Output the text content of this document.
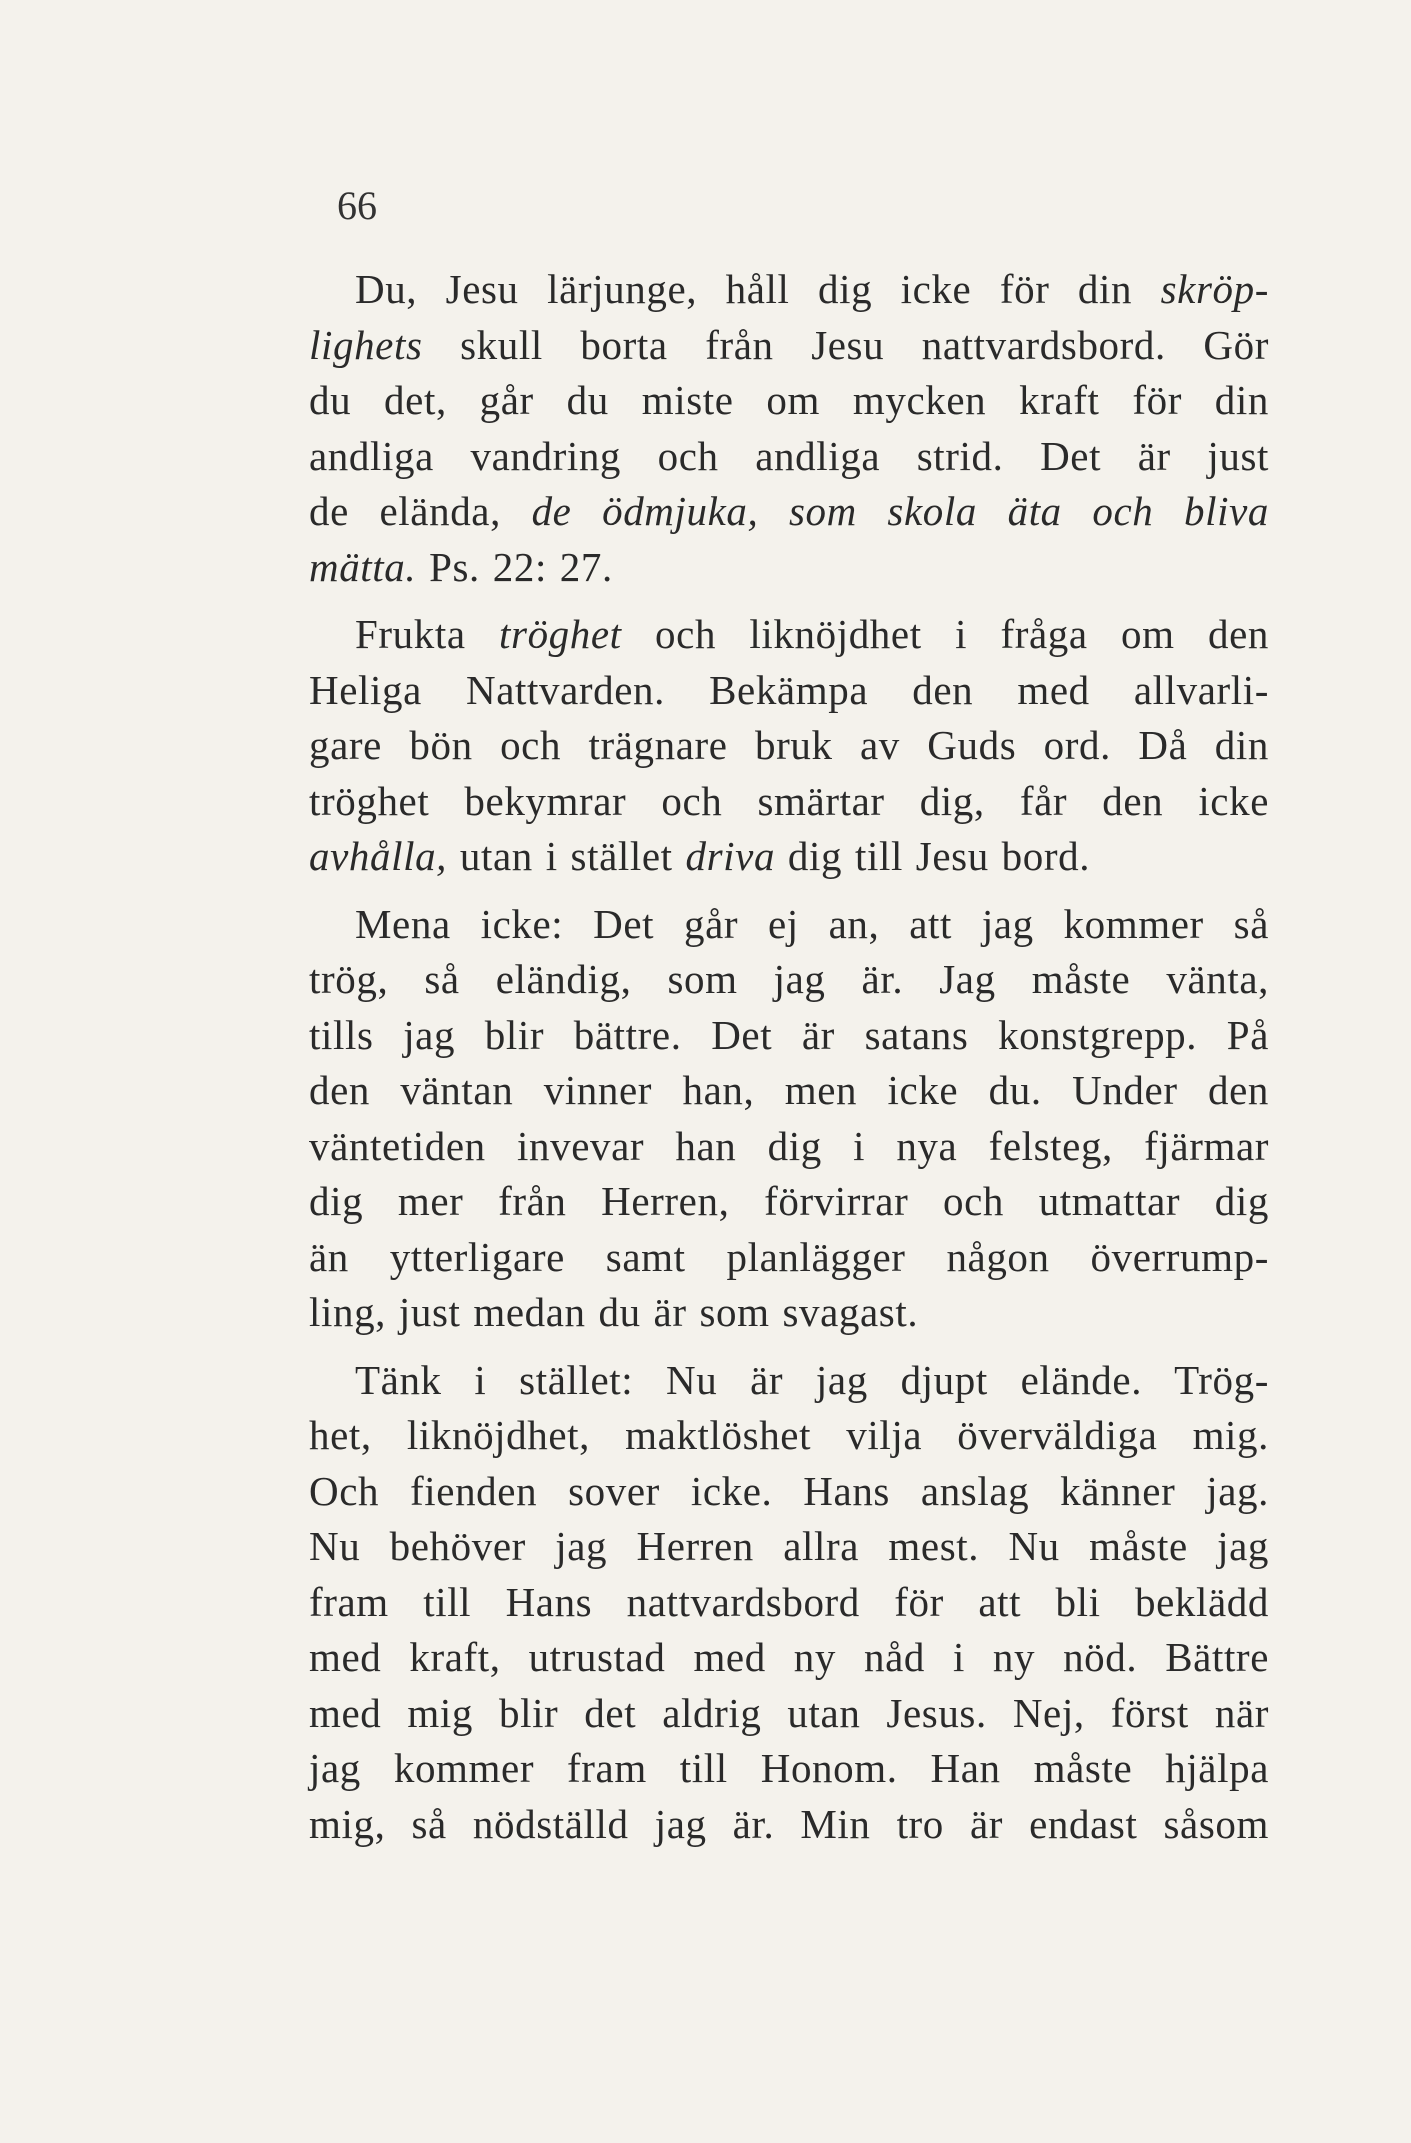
66

Du, Jesu lärjunge, håll dig icke för din skröp-
lighets skull borta från Jesu nattvardsbord. Gör
du det, går du miste om mycken kraft för din
andliga vandring och andliga strid. Det är just
de elända, de ödmjuka, som skola äta och bliva
mätta. Ps. 22: 27.

Frukta tröghet och liknöjdhet i fråga om den
Heliga Nattvarden. Bekämpa den med allvarli-
gare bön och trägnare bruk av Guds ord. Då din
tröghet bekymrar och smärtar dig, får den icke
avhålla, utan i stället driva dig till Jesu bord.

Mena icke: Det går ej an, att jag kommer så
trög, så eländig, som jag är. Jag måste vänta,
tills jag blir bättre. Det är satans konstgrepp. På
den väntan vinner han, men icke du. Under den
väntetiden invevar han dig i nya felsteg, fjärmar
dig mer från Herren, förvirrar och utmattar dig
än ytterligare samt planlägger någon överrump-
ling, just medan du är som svagast.

Tänk i stället: Nu är jag djupt elände. Trög-
het, liknöjdhet, maktlöshet vilja överväldiga mig.
Och fienden sover icke. Hans anslag känner jag.
Nu behöver jag Herren allra mest. Nu måste jag
fram till Hans nattvardsbord för att bli beklädd
med kraft, utrustad med ny nåd i ny nöd. Bättre
med mig blir det aldrig utan Jesus. Nej, först när
jag kommer fram till Honom. Han måste hjälpa
mig, så nödställd jag är. Min tro är endast såsom
